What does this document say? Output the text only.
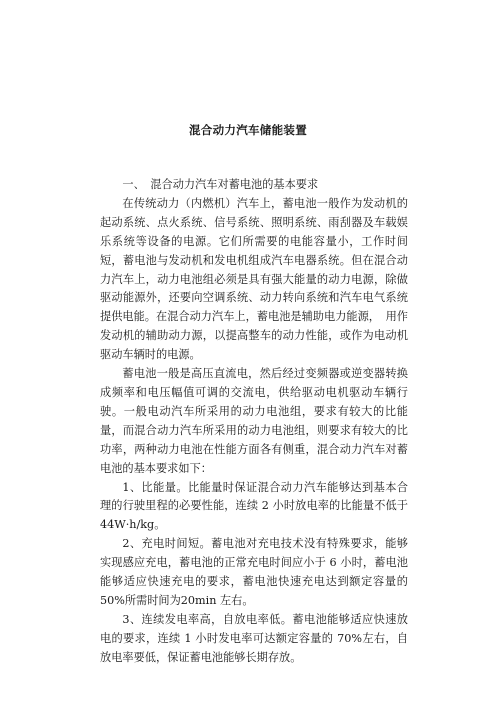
混合动力汽车储能装置

一、　混合动力汽车对蓄电池的基本要求

在传统动力（内燃机）汽车上，蓄电池一般作为发动机的起动系统、点火系统、信号系统、照明系统、雨刮器及车载娱乐系统等设备的电源。它们所需要的电能容量小，工作时间短，蓄电池与发动机和发电机组成汽车电器系统。但在混合动力汽车上，动力电池组必须是具有强大能量的动力电源，除做驱动能源外，还要向空调系统、动力转向系统和汽车电气系统提供电能。在混合动力汽车上，蓄电池是辅助电力能源，　用作发动机的辅助动力源，以提高整车的动力性能，或作为电动机驱动车辆时的电源。

蓄电池一般是高压直流电，然后经过变频器或逆变器转换成频率和电压幅值可调的交流电，供给驱动电机驱动车辆行驶。一般电动汽车所采用的动力电池组，要求有较大的比能量，而混合动力汽车所采用的动力电池组，则要求有较大的比功率，两种动力电池在性能方面各有侧重，混合动力汽车对蓄电池的基本要求如下：

1、比能量。比能量时保证混合动力汽车能够达到基本合理的行驶里程的必要性能，连续 2 小时放电率的比能量不低于 44W·h/kg。

2、充电时间短。蓄电池对充电技术没有特殊要求，能够实现感应充电，蓄电池的正常充电时间应小于 6 小时，蓄电池能够适应快速充电的要求，蓄电池快速充电达到额定容量的 50%所需时间为20min 左右。

3、连续发电率高，自放电率低。蓄电池能够适应快速放电的要求，连续 1 小时发电率可达额定容量的 70%左右，自放电率要低，保证蓄电池能够长期存放。
